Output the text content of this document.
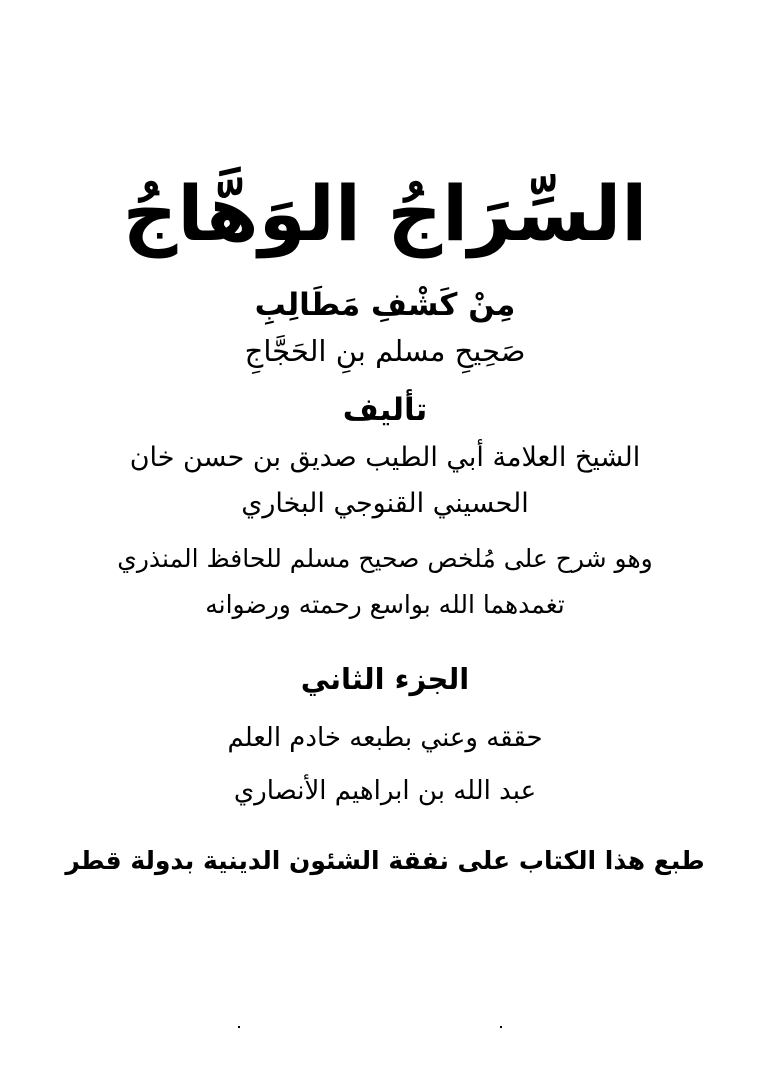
السِّرَاجُ الوَهَّاجُ
مِنْ كَشْفِ مَطَالِبِ
صَحِيحِ مسلم بنِ الحَجَّاجِ
تأليف
الشيخ العلامة أبي الطيب صديق بن حسن خان
الحسيني القنوجي البخاري
وهو شرح على مُلخص صحيح مسلم للحافظ المنذري
تغمدهما الله بواسع رحمته ورضوانه
الجزء الثاني
حققه وعني بطبعه خادم العلم
عبد الله بن ابراهيم الأنصاري
طبع هذا الكتاب على نفقة الشئون الدينية بدولة قطر
